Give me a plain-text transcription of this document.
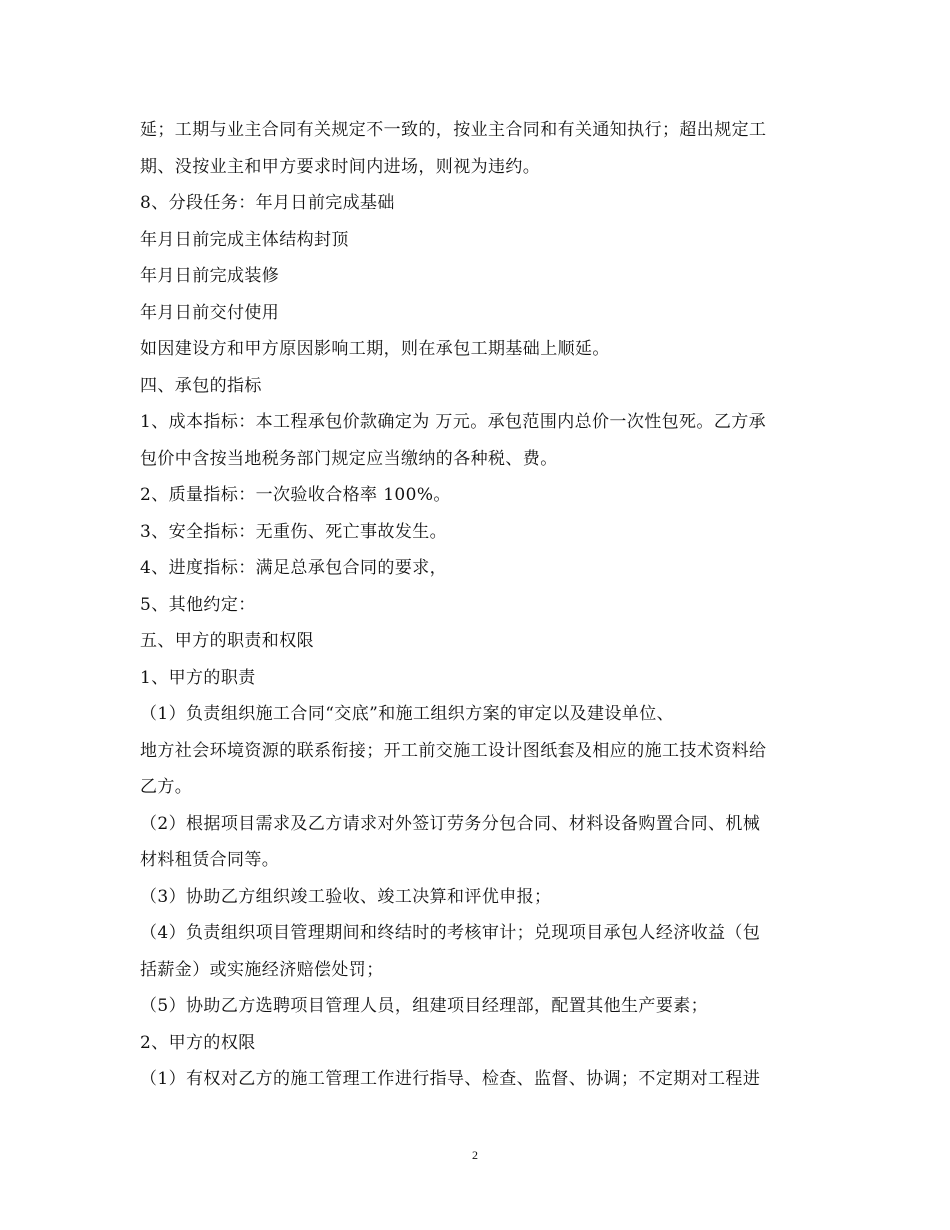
延；工期与业主合同有关规定不一致的，按业主合同和有关通知执行；超出规定工
期、没按业主和甲方要求时间内进场，则视为违约。
8、分段任务：年月日前完成基础
年月日前完成主体结构封顶
年月日前完成装修
年月日前交付使用
如因建设方和甲方原因影响工期，则在承包工期基础上顺延。
四、承包的指标
1、成本指标：本工程承包价款确定为 万元。承包范围内总价一次性包死。乙方承
包价中含按当地税务部门规定应当缴纳的各种税、费。
2、质量指标：一次验收合格率 100%。
3、安全指标：无重伤、死亡事故发生。
4、进度指标：满足总承包合同的要求，
5、其他约定：
五、甲方的职责和权限
1、甲方的职责
（1）负责组织施工合同“交底”和施工组织方案的审定以及建设单位、
地方社会环境资源的联系衔接；开工前交施工设计图纸套及相应的施工技术资料给
乙方。
（2）根据项目需求及乙方请求对外签订劳务分包合同、材料设备购置合同、机械
材料租赁合同等。
（3）协助乙方组织竣工验收、竣工决算和评优申报；
（4）负责组织项目管理期间和终结时的考核审计；兑现项目承包人经济收益（包
括薪金）或实施经济赔偿处罚；
（5）协助乙方选聘项目管理人员，组建项目经理部，配置其他生产要素；
2、甲方的权限
（1）有权对乙方的施工管理工作进行指导、检查、监督、协调；不定期对工程进
2
